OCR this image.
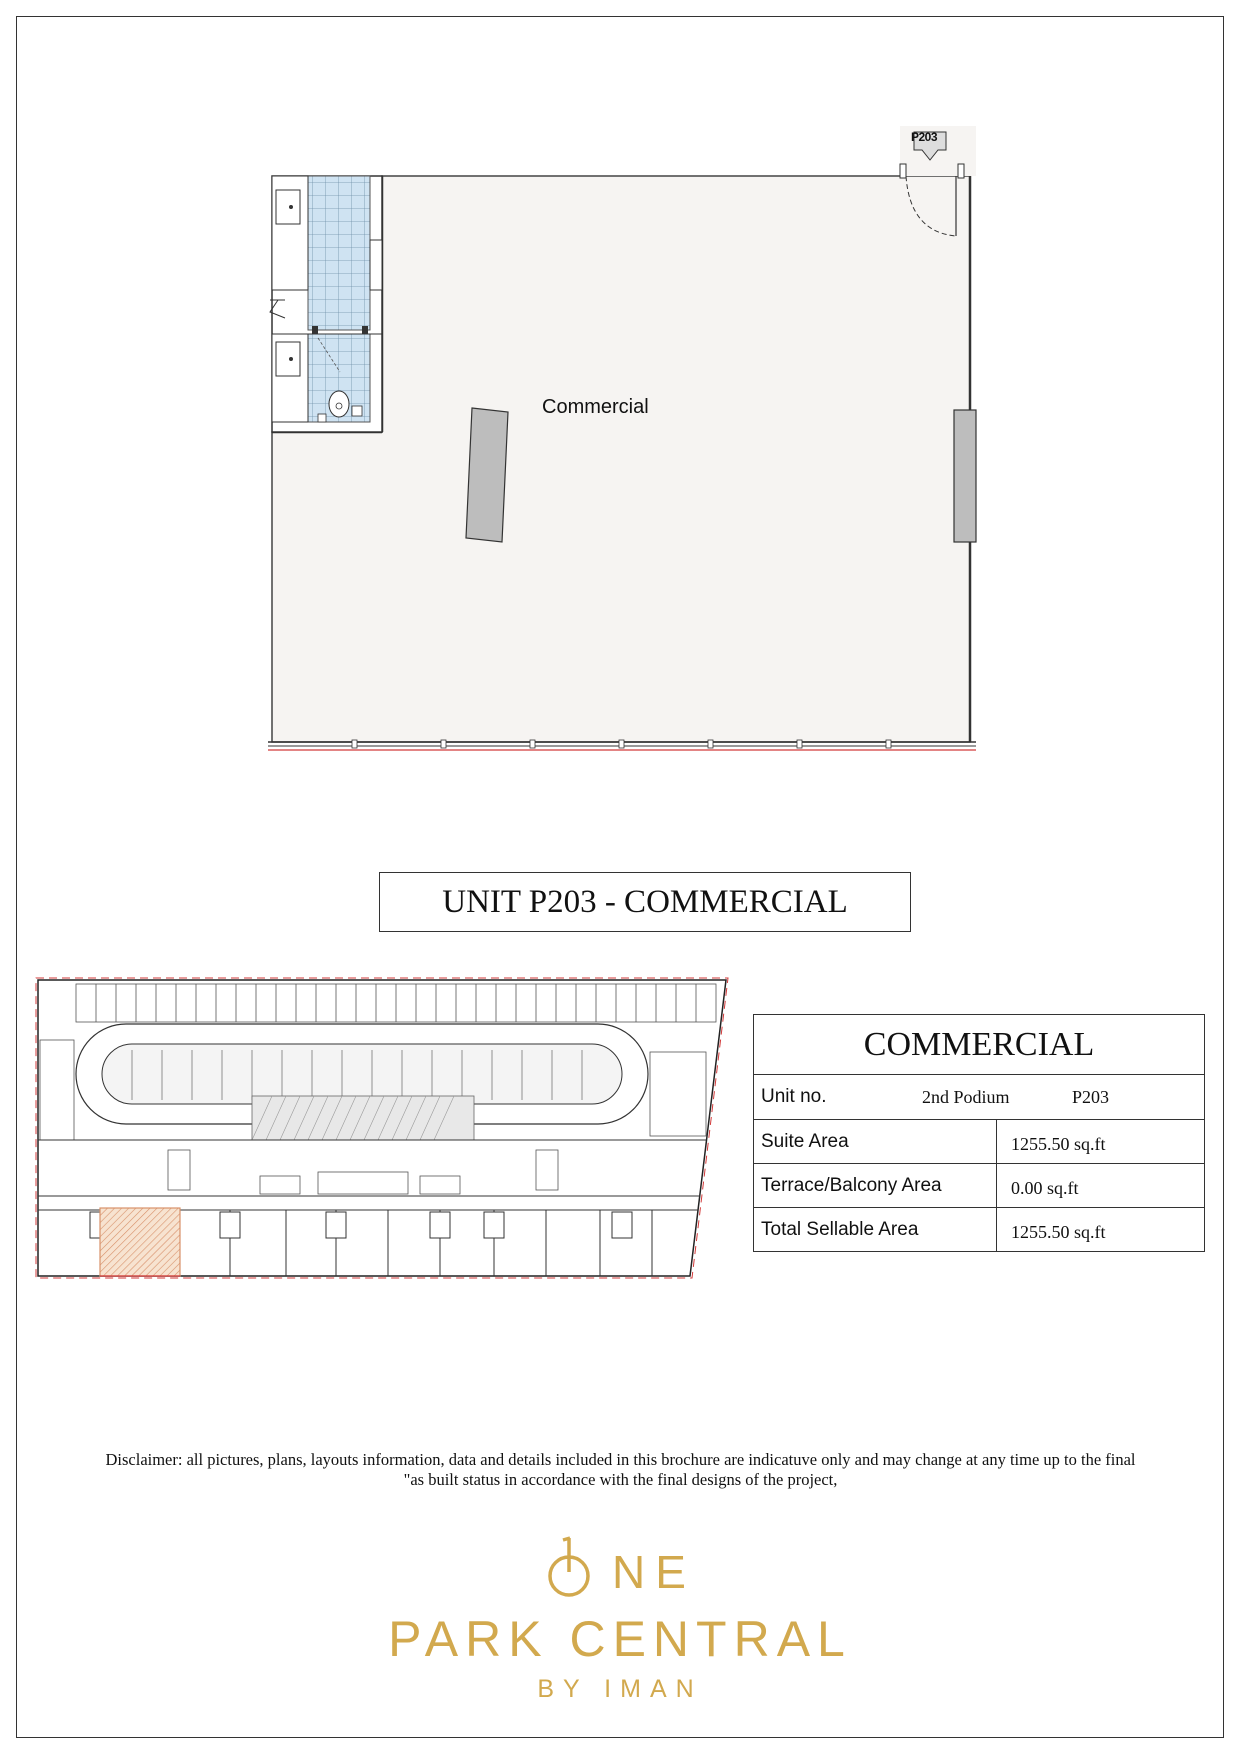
Commercial
P203
UNIT P203 - COMMERCIAL
COMMERCIAL	

Unit no. 2nd Podium P203	

Suite Area	1255.50 sq.ft
Terrace/Balcony Area	0.00 sq.ft
Total Sellable Area	1255.50 sq.ft
Disclaimer: all pictures, plans, layouts information, data and details included in this brochure are indicatuve only and may change at any time up to the final
"as built status in accordance with the final designs of the project,
NE
PARK CENTRAL
BY IMAN
